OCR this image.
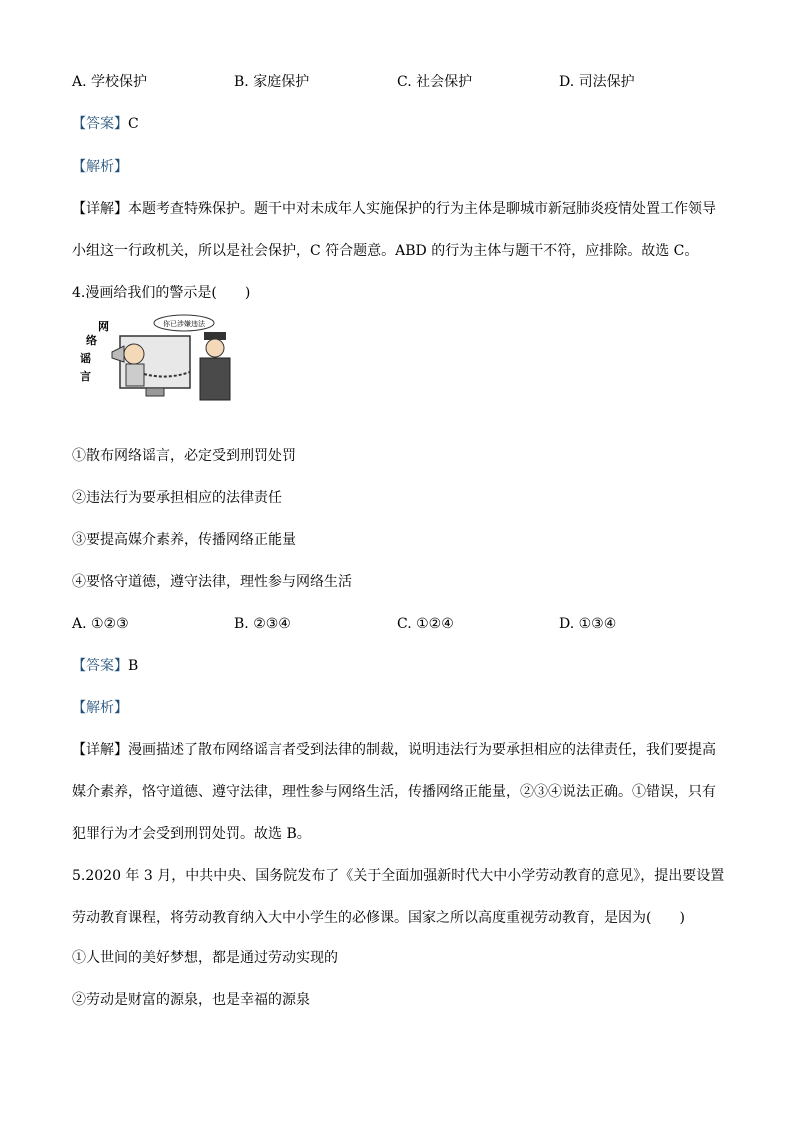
A. 学校保护	B. 家庭保护	C. 社会保护	D. 司法保护
【答案】C
【解析】
【详解】本题考查特殊保护。题干中对未成年人实施保护的行为主体是聊城市新冠肺炎疫情处置工作领导
小组这一行政机关，所以是社会保护，C 符合题意。ABD 的行为主体与题干不符，应排除。故选 C。
4.漫画给我们的警示是(　　)
你已涉嫌违法
网
络
谣
言
①散布网络谣言，必定受到刑罚处罚
②违法行为要承担相应的法律责任
③要提高媒介素养，传播网络正能量
④要恪守道德，遵守法律，理性参与网络生活
A. ①②③	B. ②③④	C. ①②④	D. ①③④
【答案】B
【解析】
【详解】漫画描述了散布网络谣言者受到法律的制裁，说明违法行为要承担相应的法律责任，我们要提高
媒介素养，恪守道德、遵守法律，理性参与网络生活，传播网络正能量，②③④说法正确。①错误，只有
犯罪行为才会受到刑罚处罚。故选 B。
5.2020 年 3 月，中共中央、国务院发布了《关于全面加强新时代大中小学劳动教育的意见》，提出要设置
劳动教育课程，将劳动教育纳入大中小学生的必修课。国家之所以高度重视劳动教育，是因为(　　)
①人世间的美好梦想，都是通过劳动实现的
②劳动是财富的源泉，也是幸福的源泉
